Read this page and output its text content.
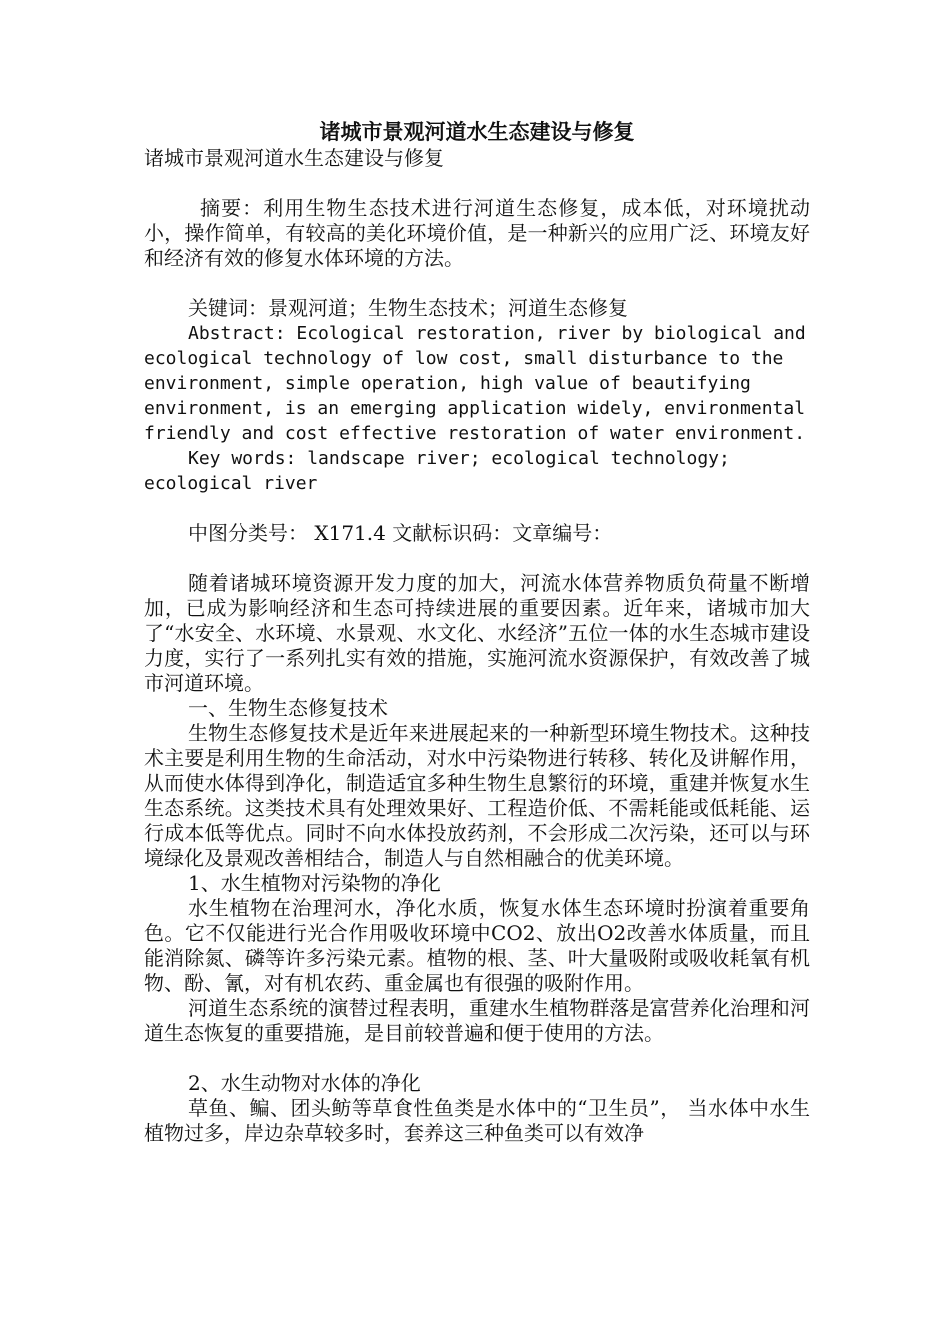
诸城市景观河道水生态建设与修复

诸城市景观河道水生态建设与修复

摘要：利用生物生态技术进行河道生态修复，成本低，对环境扰动小，操作简单，有较高的美化环境价值，是一种新兴的应用广泛、环境友好和经济有效的修复水体环境的方法。

关键词：景观河道；生物生态技术；河道生态修复

Abstract: Ecological restoration, river by biological and ecological technology of low cost, small disturbance to the environment, simple operation, high value of beautifying environment, is an emerging application widely, environmental friendly and cost effective restoration of water environment.

Key words: landscape river; ecological technology; ecological river

中图分类号： X171.4 文献标识码：文章编号：

随着诸城环境资源开发力度的加大，河流水体营养物质负荷量不断增加，已成为影响经济和生态可持续进展的重要因素。近年来，诸城市加大了“水安全、水环境、水景观、水文化、水经济”五位一体的水生态城市建设力度，实行了一系列扎实有效的措施，实施河流水资源保护，有效改善了城市河道环境。

一、生物生态修复技术

生物生态修复技术是近年来进展起来的一种新型环境生物技术。这种技术主要是利用生物的生命活动，对水中污染物进行转移、转化及讲解作用，从而使水体得到净化，制造适宜多种生物生息繁衍的环境，重建并恢复水生生态系统。这类技术具有处理效果好、工程造价低、不需耗能或低耗能、运行成本低等优点。同时不向水体投放药剂，不会形成二次污染，还可以与环境绿化及景观改善相结合，制造人与自然相融合的优美环境。

1、水生植物对污染物的净化

水生植物在治理河水，净化水质，恢复水体生态环境时扮演着重要角色。它不仅能进行光合作用吸收环境中CO2、放出O2改善水体质量，而且能消除氮、磷等许多污染元素。植物的根、茎、叶大量吸附或吸收耗氧有机物、酚、氰，对有机农药、重金属也有很强的吸附作用。

河道生态系统的演替过程表明，重建水生植物群落是富营养化治理和河道生态恢复的重要措施，是目前较普遍和便于使用的方法。

2、水生动物对水体的净化

草鱼、鳊、团头鲂等草食性鱼类是水体中的“卫生员”， 当水体中水生植物过多，岸边杂草较多时，套养这三种鱼类可以有效净
